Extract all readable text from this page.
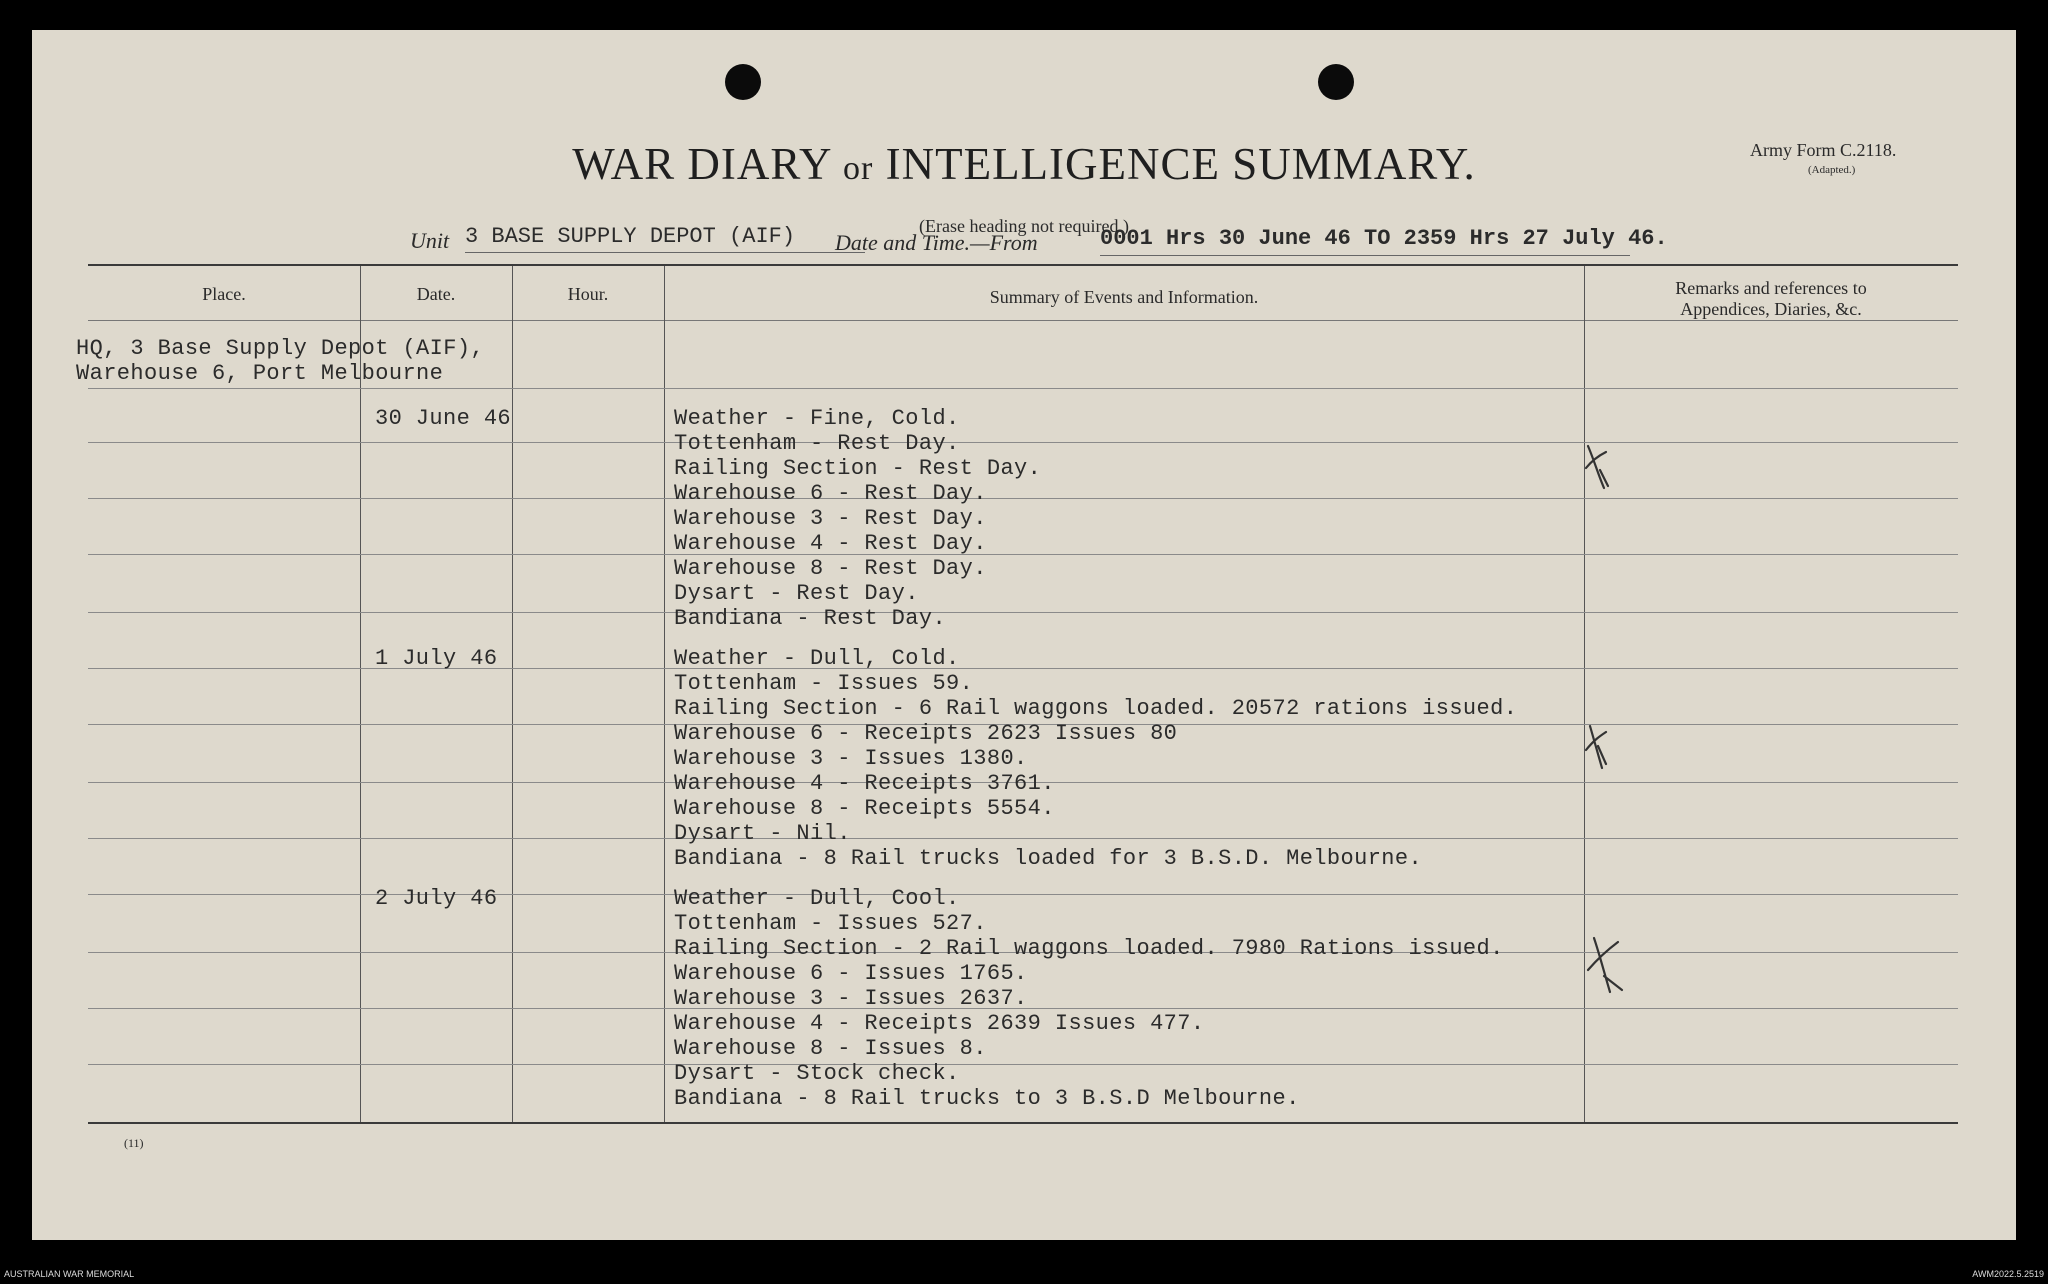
WAR DIARY or INTELLIGENCE SUMMARY.
(Erase heading not required.)
Army Form C.2118.
(Adapted.)
Unit 3 BASE SUPPLY DEPOT (AIF) Date and Time.—From	0001 Hrs 30 June 46 TO 2359 Hrs 27 July 46.
Place.	Date.	Hour.	Summary of Events and Information.	Remarks and references to
Appendices, Diaries, &c.
HQ, 3 Base Supply Depot (AIF),
Warehouse 6, Port Melbourne
30 June 46	Weather - Fine, Cold.
Tottenham - Rest Day.
Railing Section - Rest Day.
Warehouse 6 - Rest Day.
Warehouse 3 - Rest Day.
Warehouse 4 - Rest Day.
Warehouse 8 - Rest Day.
Dysart - Rest Day.
Bandiana - Rest Day.
1 July 46	Weather - Dull, Cold.
Tottenham - Issues 59.
Railing Section - 6 Rail waggons loaded. 20572 rations issued.
Warehouse 6 - Receipts 2623 Issues 80
Warehouse 3 - Issues 1380.
Warehouse 4 - Receipts 3761.
Warehouse 8 - Receipts 5554.
Dysart - Nil.
Bandiana - 8 Rail trucks loaded for 3 B.S.D. Melbourne.
2 July 46	Weather - Dull, Cool.
Tottenham - Issues 527.
Railing Section - 2 Rail waggons loaded. 7980 Rations issued.
Warehouse 6 - Issues 1765.
Warehouse 3 - Issues 2637.
Warehouse 4 - Receipts 2639 Issues 477.
Warehouse 8 - Issues 8.
Dysart - Stock check.
Bandiana - 8 Rail trucks to 3 B.S.D Melbourne.
(11)
AUSTRALIAN WAR MEMORIAL	AWM2022.5.2519
